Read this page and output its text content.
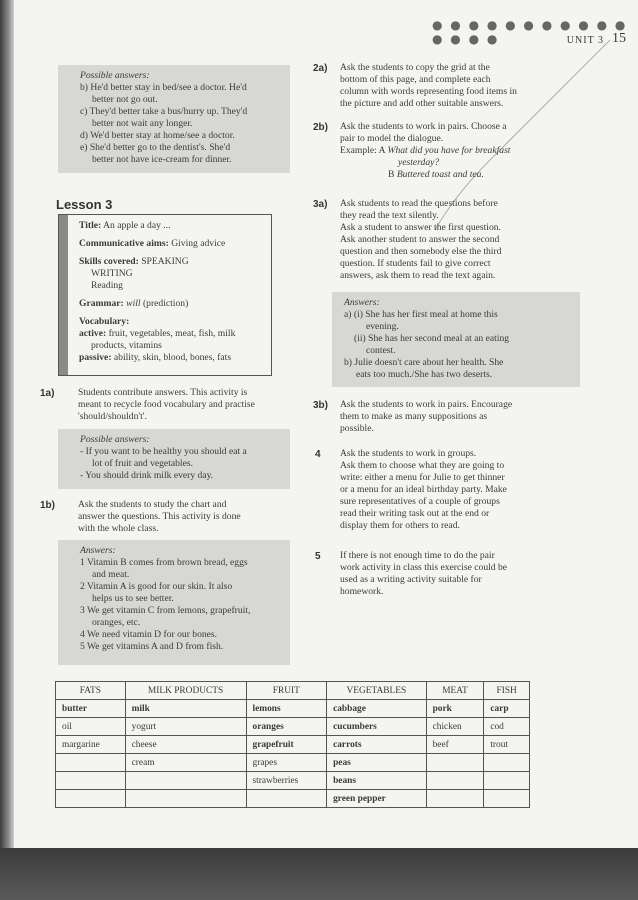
● ● ● ● ● ● ● ● ● ● ● ● ● ● ●	UNIT 3 15

Possible answers:

b) He'd better stay in bed/see a doctor. He'd

better not go out.

c) They'd better take a bus/hurry up. They'd

better not wait any longer.

d) We'd better stay at home/see a doctor.

e) She'd better go to the dentist's. She'd

better not have ice-cream for dinner.

Lesson 3

Title: An apple a day ...

Communicative aims: Giving advice

Skills covered: SPEAKING

WRITING

Reading

Grammar: will (prediction)

Vocabulary:

active: fruit, vegetables, meat, fish, milk

products, vitamins

passive: ability, skin, blood, bones, fats

1a) Students contribute answers. This activity is

meant to recycle food vocabulary and practise

'should/shouldn't'.

Possible answers:

- If you want to be healthy you should eat a

lot of fruit and vegetables.

- You should drink milk every day.

1b) Ask the students to study the chart and

answer the questions. This activity is done

with the whole class.

Answers:

1 Vitamin B comes from brown bread, eggs

and meat.

2 Vitamin A is good for our skin. It also

helps us to see better.

3 We get vitamin C from lemons, grapefruit,

oranges, etc.

4 We need vitamin D for our bones.

5 We get vitamins A and D from fish.

2a) Ask the students to copy the grid at the

bottom of this page, and complete each

column with words representing food items in

the picture and add other suitable answers.

2b) Ask the students to work in pairs. Choose a

pair to model the dialogue.

Example: A What did you have for breakfast

yesterday?

B Buttered toast and tea.

3a) Ask students to read the questions before

they read the text silently.

Ask a student to answer the first question.

Ask another student to answer the second

question and then somebody else the third

question. If students fail to give correct

answers, ask them to read the text again.

Answers:

a) (i) She has her first meal at home this

evening.

(ii) She has her second meal at an eating

contest.

b) Julie doesn't care about her health. She

eats too much./She has two deserts.

3b) Ask the students to work in pairs. Encourage

them to make as many suppositions as

possible.

4 Ask the students to work in groups.

Ask them to choose what they are going to

write: either a menu for Julie to get thinner

or a menu for an ideal birthday party. Make

sure representatives of a couple of groups

read their writing task out at the end or

display them for others to read.

5 If there is not enough time to do the pair

work activity in class this exercise could be

used as a writing activity suitable for

homework.

FATS	MILK PRODUCTS	FRUIT	VEGETABLES	MEAT	FISH
butter	milk	lemons	cabbage	pork	carp
oil	yogurt	oranges	cucumbers	chicken	cod
margarine	cheese	grapefruit	carrots	beef	trout
	cream	grapes	peas		
		strawberries	beans		
			green pepper		
